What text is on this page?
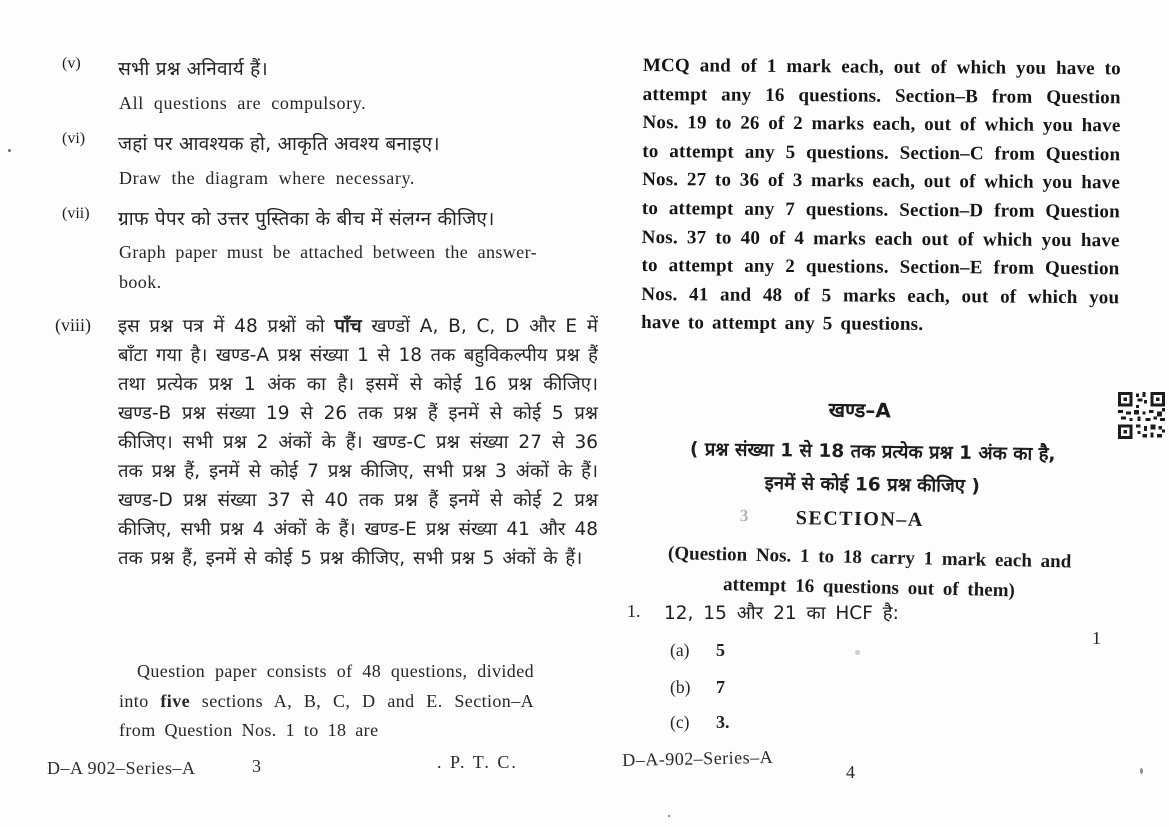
(v) सभी प्रश्न अनिवार्य हैं।
All questions are compulsory.
(vi) जहां पर आवश्यक हो, आकृति अवश्य बनाइए।
Draw the diagram where necessary.
(vii) ग्राफ पेपर को उत्तर पुस्तिका के बीच में संलग्न कीजिए।
Graph paper must be attached between the answer-book.
(viii) इस प्रश्न पत्र में 48 प्रश्नों को पाँच खण्डों A, B, C, D और E में बाँटा गया है। खण्ड-A प्रश्न संख्या 1 से 18 तक बहुविकल्पीय प्रश्न हैं तथा प्रत्येक प्रश्न 1 अंक का है। इसमें से कोई 16 प्रश्न कीजिए। खण्ड-B प्रश्न संख्या 19 से 26 तक प्रश्न हैं इनमें से कोई 5 प्रश्न कीजिए। सभी प्रश्न 2 अंकों के हैं। खण्ड-C प्रश्न संख्या 27 से 36 तक प्रश्न हैं, इनमें से कोई 7 प्रश्न कीजिए, सभी प्रश्न 3 अंकों के हैं। खण्ड-D प्रश्न संख्या 37 से 40 तक प्रश्न हैं इनमें से कोई 2 प्रश्न कीजिए, सभी प्रश्न 4 अंकों के हैं। खण्ड-E प्रश्न संख्या 41 और 48 तक प्रश्न हैं, इनमें से कोई 5 प्रश्न कीजिए, सभी प्रश्न 5 अंकों के हैं।
Question paper consists of 48 questions, divided into five sections A, B, C, D and E. Section–A from Question Nos. 1 to 18 are
D–A 902–Series–A	3	. P. T. C.
MCQ and of 1 mark each, out of which you have to attempt any 16 questions. Section–B from Question Nos. 19 to 26 of 2 marks each, out of which you have to attempt any 5 questions. Section–C from Question Nos. 27 to 36 of 3 marks each, out of which you have to attempt any 7 questions. Section–D from Question Nos. 37 to 40 of 4 marks each out of which you have to attempt any 2 questions. Section–E from Question Nos. 41 and 48 of 5 marks each, out of which you have to attempt any 5 questions.
खण्ड–A
( प्रश्न संख्या 1 से 18 तक प्रत्येक प्रश्न 1 अंक का है,
इनमें से कोई 16 प्रश्न कीजिए )
3	SECTION–A
(Question Nos. 1 to 18 carry 1 mark each and
attempt 16 questions out of them)
1. 12, 15 और 21 का HCF है:
1
(a) 5
(b) 7
(c) 3.
D–A-902–Series–A
4
